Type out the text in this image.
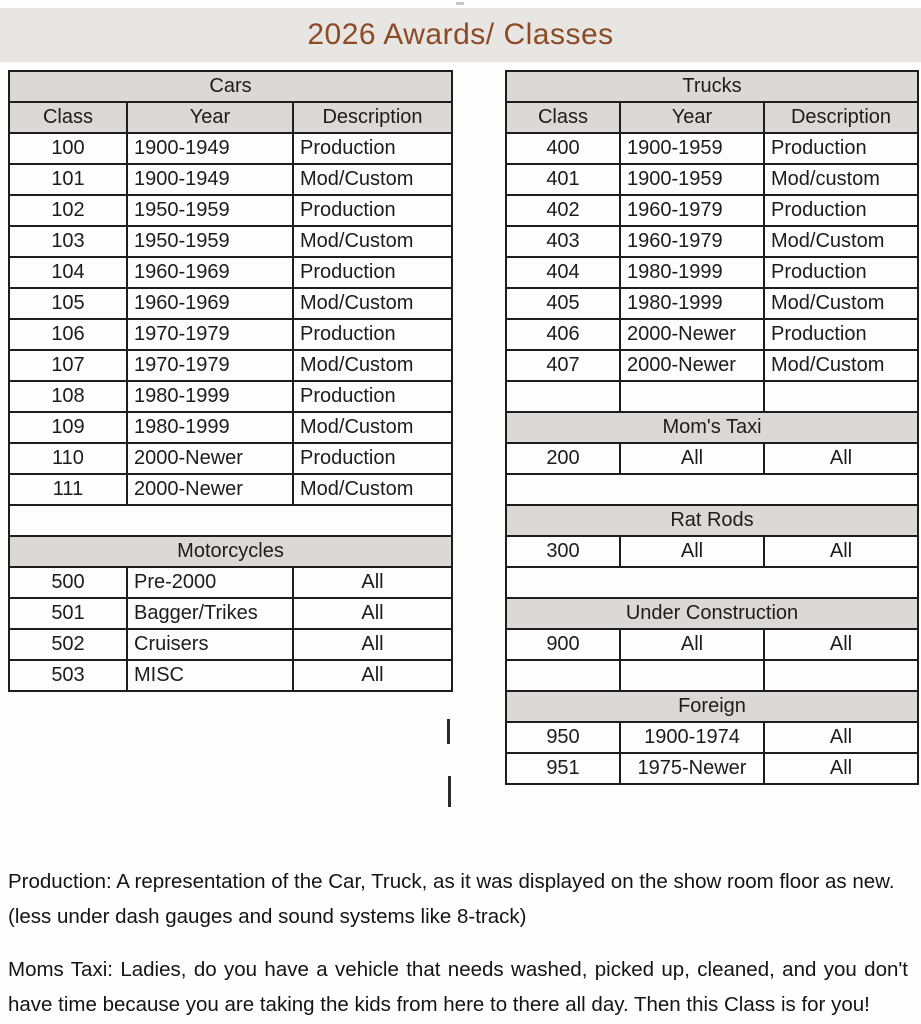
2026 Awards/ Classes
Cars		
Class	Year	Description
100	1900-1949	Production
101	1900-1949	Mod/Custom
102	1950-1959	Production
103	1950-1959	Mod/Custom
104	1960-1969	Production
105	1960-1969	Mod/Custom
106	1970-1979	Production
107	1970-1979	Mod/Custom
108	1980-1999	Production
109	1980-1999	Mod/Custom
110	2000-Newer	Production
111	2000-Newer	Mod/Custom

Motorcycles		
500	Pre-2000	All
501	Bagger/Trikes	All
502	Cruisers	All
503	MISC	All
Trucks		
Class	Year	Description
400	1900-1959	Production
401	1900-1959	Mod/custom
402	1960-1979	Production
403	1960-1979	Mod/Custom
404	1980-1999	Production
405	1980-1999	Mod/Custom
406	2000-Newer	Production
407	2000-Newer	Mod/Custom

Mom's Taxi		
200	All	All

Rat Rods		
300	All	All

Under Construction		
900	All	All

Foreign		
950	1900-1974	All
951	1975-Newer	All

Production: A representation of the Car, Truck, as it was displayed on the show room floor as new. (less under dash gauges and sound systems like 8-track)

Moms Taxi: Ladies, do you have a vehicle that needs washed, picked up, cleaned, and you don't have time because you are taking the kids from here to there all day. Then this Class is for you!
